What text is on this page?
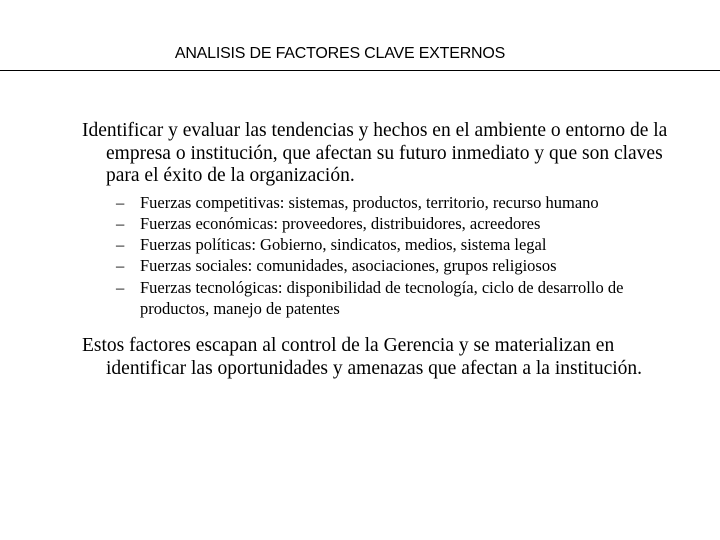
ANALISIS DE FACTORES CLAVE EXTERNOS

Identificar y evaluar las tendencias y hechos en el ambiente o entorno de la empresa o institución, que afectan su futuro inmediato y que son claves para el éxito de la organización.

– Fuerzas competitivas: sistemas, productos, territorio, recurso humano
– Fuerzas económicas: proveedores, distribuidores, acreedores
– Fuerzas políticas: Gobierno, sindicatos, medios, sistema legal
– Fuerzas sociales: comunidades, asociaciones, grupos religiosos
– Fuerzas tecnológicas: disponibilidad de tecnología, ciclo de desarrollo de productos, manejo de patentes

Estos factores escapan al control de la Gerencia y se materializan en identificar las oportunidades y amenazas que afectan a la institución.
